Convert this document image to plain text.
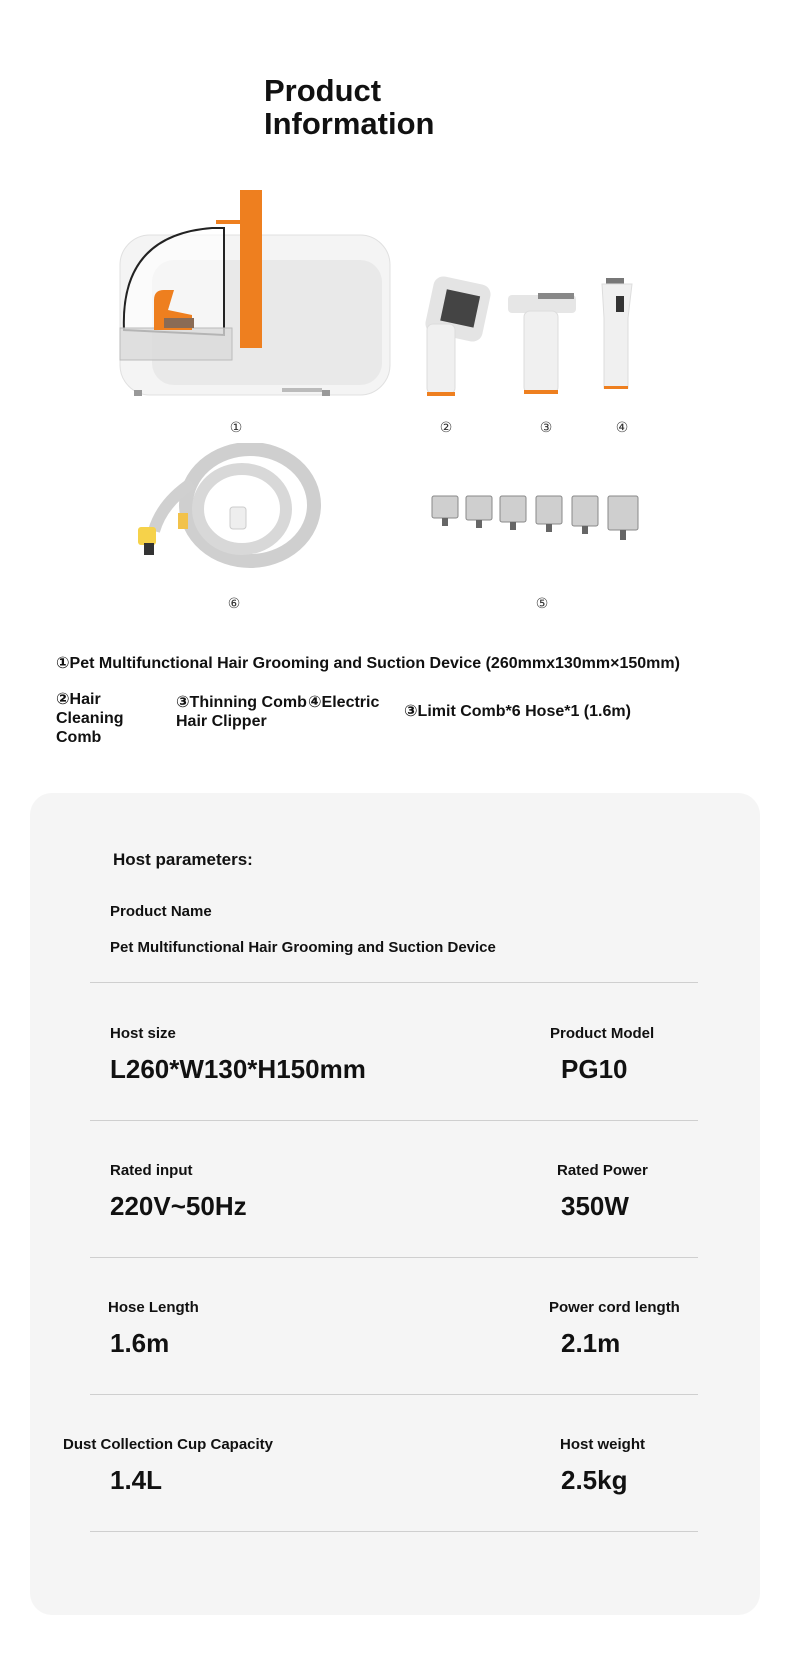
Product
Information
①	②	③	④
⑥	⑤
①Pet Multifunctional Hair Grooming and Suction Device (260mmx130mm×150mm)
②Hair Cleaning Comb
③Thinning Comb ④Electric Hair Clipper
③Limit Comb*6 Hose*1 (1.6m)
Host parameters:
Product Name
Pet Multifunctional Hair Grooming and Suction Device
Host size
L260*W130*H150mm
Product Model
PG10
Rated input
220V~50Hz
Rated Power
350W
Hose Length
1.6m
Power cord length
2.1m
Dust Collection Cup Capacity
1.4L
Host weight
2.5kg
